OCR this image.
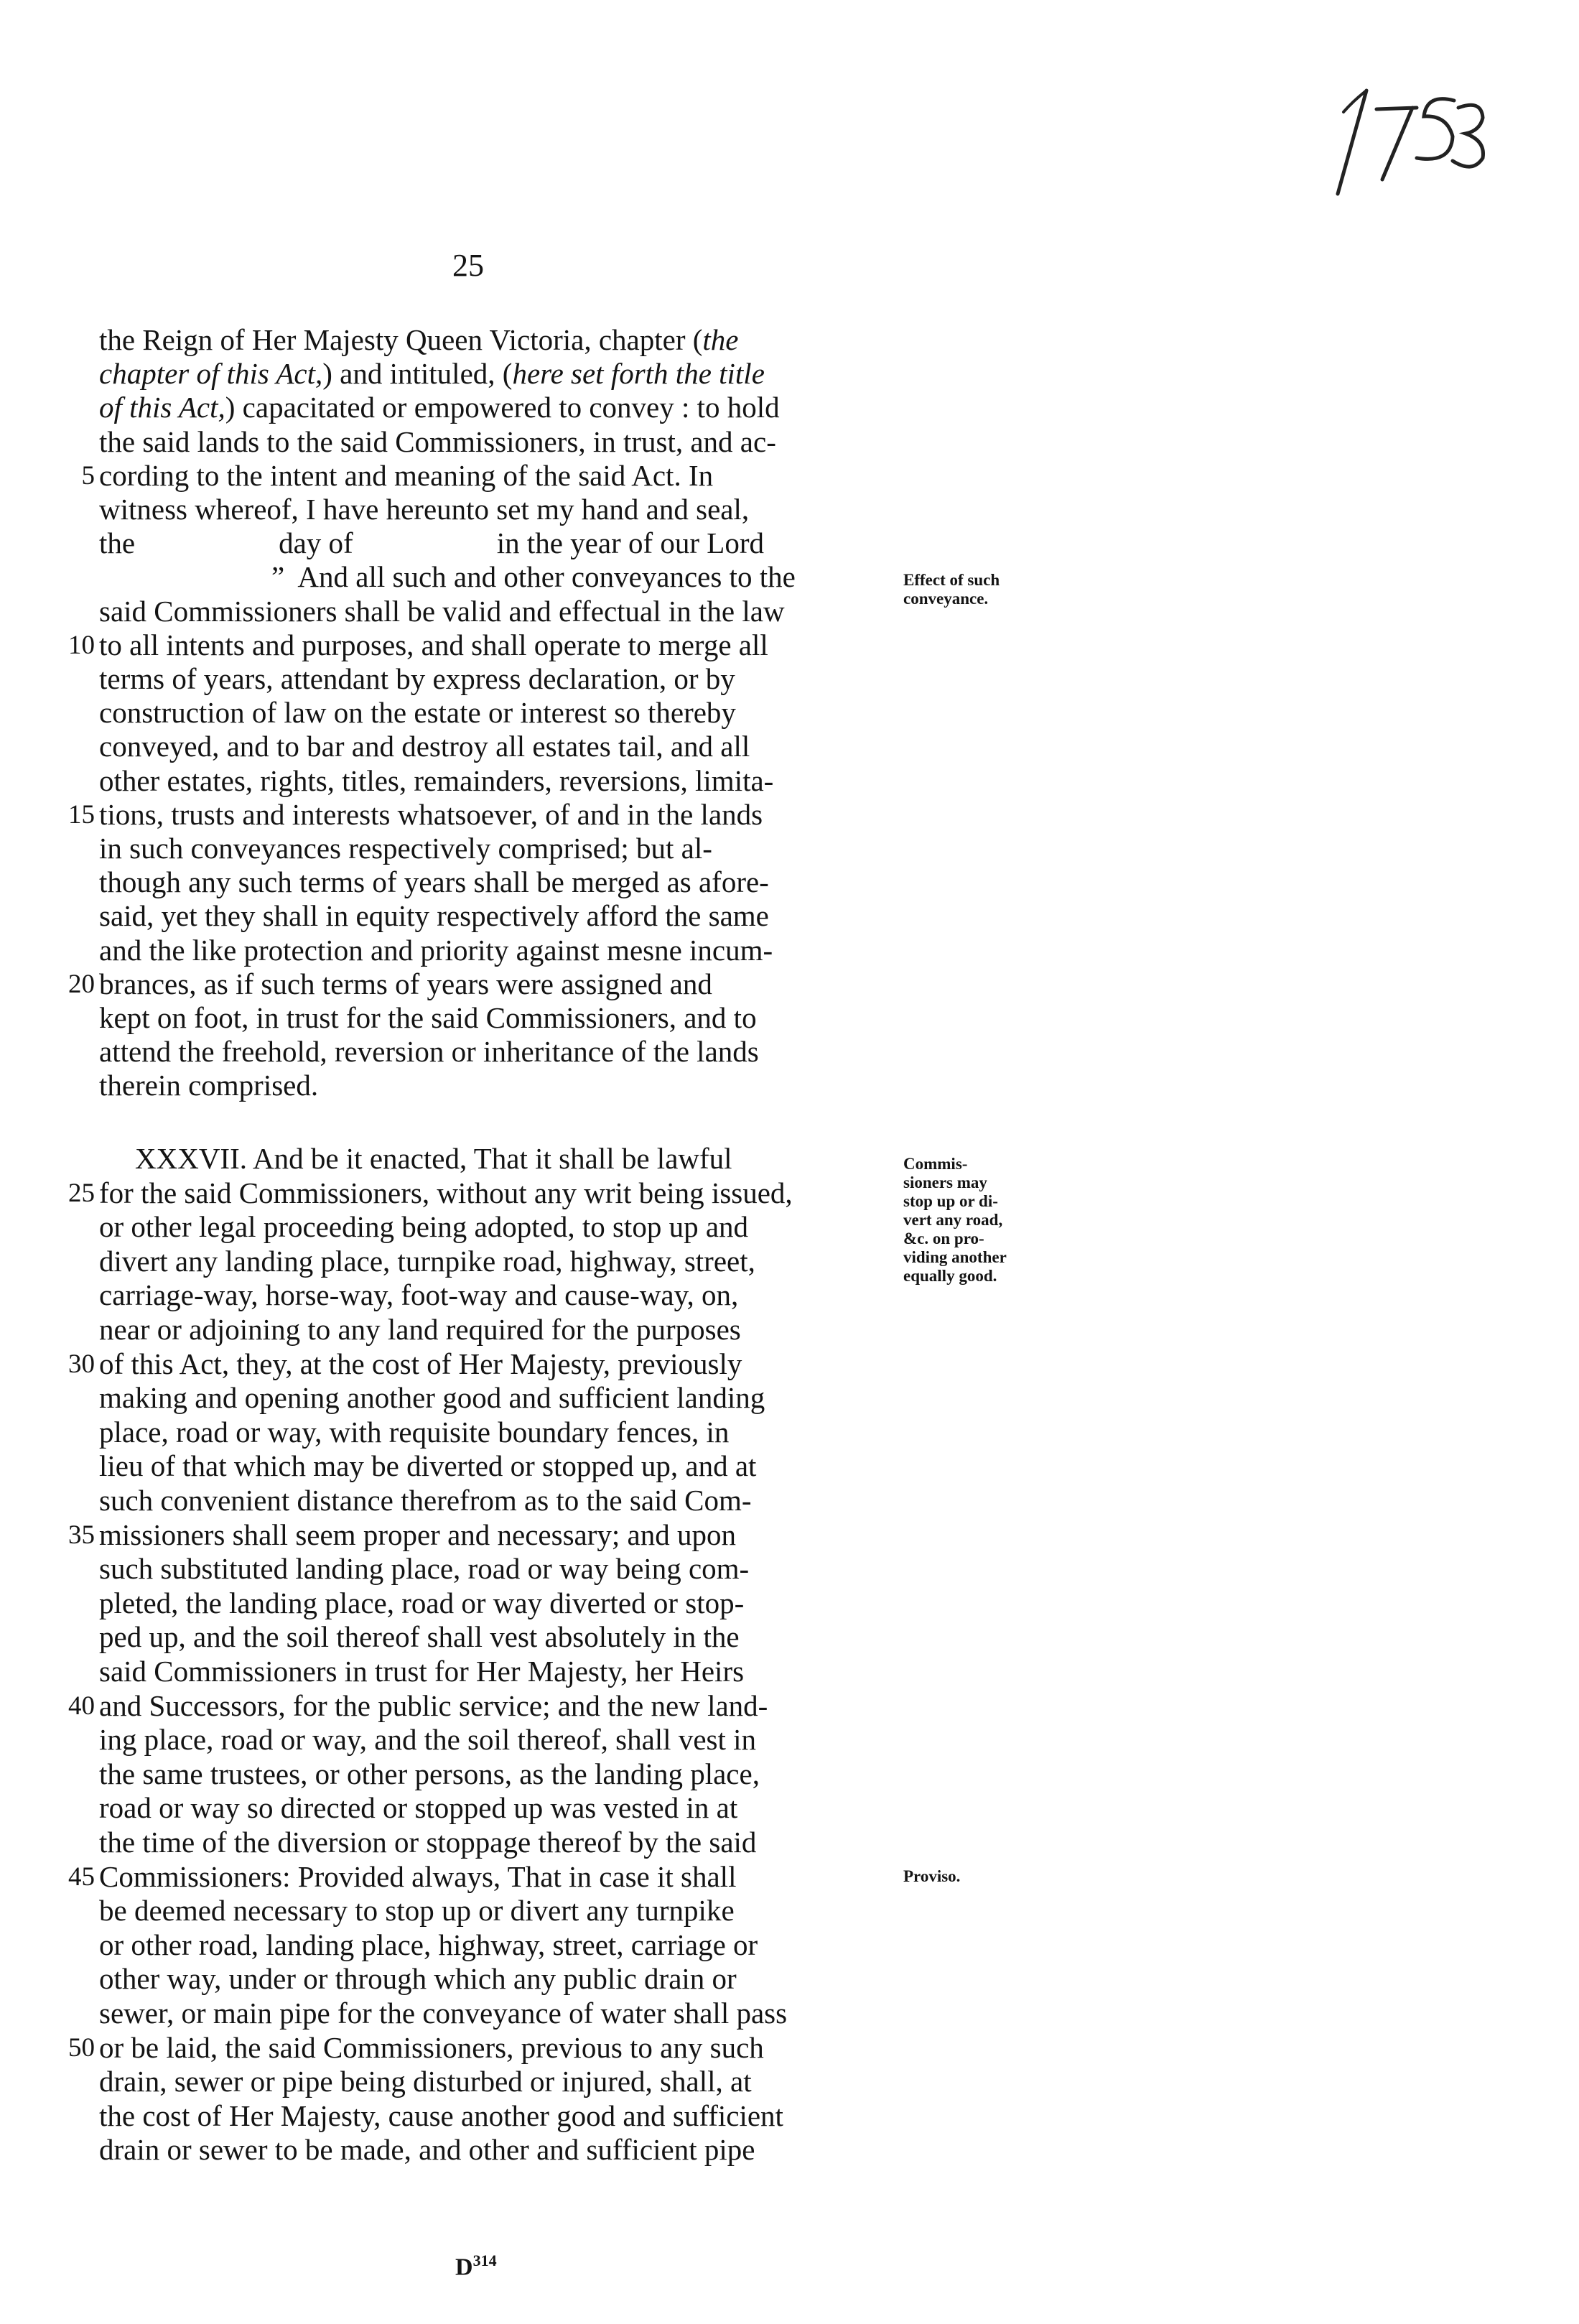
25
the Reign of Her Majesty Queen Victoria, chapter (the
chapter of this Act,) and intituled, (here set forth the title
of this Act,) capacitated or empowered to convey : to hold
the said lands to the said Commissioners, in trust, and ac-
5 cording to the intent and meaning of the said Act. In
witness whereof, I have hereunto set my hand and seal,
the	day of	in the year of our Lord
”  And all such and other conveyances to the
said Commissioners shall be valid and effectual in the law
10 to all intents and purposes, and shall operate to merge all
terms of years, attendant by express declaration, or by
construction of law on the estate or interest so thereby
conveyed, and to bar and destroy all estates tail, and all
other estates, rights, titles, remainders, reversions, limita-
15 tions, trusts and interests whatsoever, of and in the lands
in such conveyances respectively comprised; but al-
though any such terms of years shall be merged as afore-
said, yet they shall in equity respectively afford the same
and the like protection and priority against mesne incum-
20 brances, as if such terms of years were assigned and
kept on foot, in trust for the said Commissioners, and to
attend the freehold, reversion or inheritance of the lands
therein comprised.
XXXVII. And be it enacted, That it shall be lawful
25 for the said Commissioners, without any writ being issued,
or other legal proceeding being adopted, to stop up and
divert any landing place, turnpike road, highway, street,
carriage-way, horse-way, foot-way and cause-way, on,
near or adjoining to any land required for the purposes
30 of this Act, they, at the cost of Her Majesty, previously
making and opening another good and sufficient landing
place, road or way, with requisite boundary fences, in
lieu of that which may be diverted or stopped up, and at
such convenient distance therefrom as to the said Com-
35 missioners shall seem proper and necessary; and upon
such substituted landing place, road or way being com-
pleted, the landing place, road or way diverted or stop-
ped up, and the soil thereof shall vest absolutely in the
said Commissioners in trust for Her Majesty, her Heirs
40 and Successors, for the public service; and the new land-
ing place, road or way, and the soil thereof, shall vest in
the same trustees, or other persons, as the landing place,
road or way so directed or stopped up was vested in at
the time of the diversion or stoppage thereof by the said
45 Commissioners: Provided always, That in case it shall
be deemed necessary to stop up or divert any turnpike
or other road, landing place, highway, street, carriage or
other way, under or through which any public drain or
sewer, or main pipe for the conveyance of water shall pass
50 or be laid, the said Commissioners, previous to any such
drain, sewer or pipe being disturbed or injured, shall, at
the cost of Her Majesty, cause another good and sufficient
drain or sewer to be made, and other and sufficient pipe
Effect of such
conveyance.
Commis-
sioners may
stop up or di-
vert any road,
&c. on pro-
viding another
equally good.
Proviso.
$D^{314}$
